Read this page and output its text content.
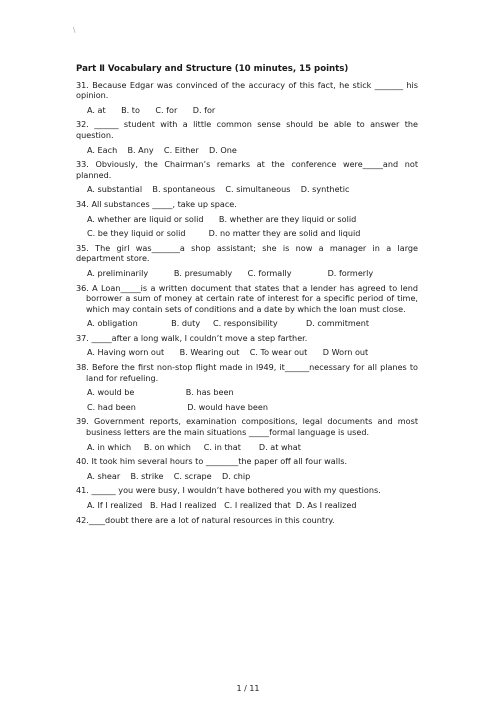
\
Part Ⅱ Vocabulary and Structure (10 minutes, 15 points)
31. Because Edgar was convinced of the accuracy of this fact, he stick _______ his opinion.
A. at      B. to      C. for      D. for
32. ______ student with a little common sense should be able to answer the question.
A. Each    B. Any    C. Either    D. One
33. Obviously, the Chairman’s remarks at the conference were_____and not planned.
A. substantial    B. spontaneous    C. simultaneous    D. synthetic
34. All substances _____, take up space.
A. whether are liquid or solid      B. whether are they liquid or solid
C. be they liquid or solid         D. no matter they are solid and liquid
35. The girl was_______a shop assistant; she is now a manager in a large department store.
A. preliminarily          B. presumably      C. formally              D. formerly
36. A Loan_____is a written document that states that a lender has agreed to lend borrower a sum of money at certain rate of interest for a specific period of time, which may contain sets of conditions and a date by which the loan must close.
A. obligation             B. duty     C. responsibility           D. commitment
37. _____after a long walk, I couldn’t move a step farther.
A. Having worn out      B. Wearing out    C. To wear out      D Worn out
38. Before the first non-stop flight made in l949, it______necessary for all planes to land for refueling.
A. would be                    B. has been
C. had been                    D. would have been
39. Government reports, examination compositions, legal documents and most business letters are the main situations _____formal language is used.
A. in which     B. on which     C. in that       D. at what
40. It took him several hours to ________the paper off all four walls.
A. shear    B. strike    C. scrape    D. chip
41. ______ you were busy, I wouldn’t have bothered you with my questions.
A. If I realized   B. Had I realized   C. I realized that  D. As I realized
42.____doubt there are a lot of natural resources in this country.
1 / 11
